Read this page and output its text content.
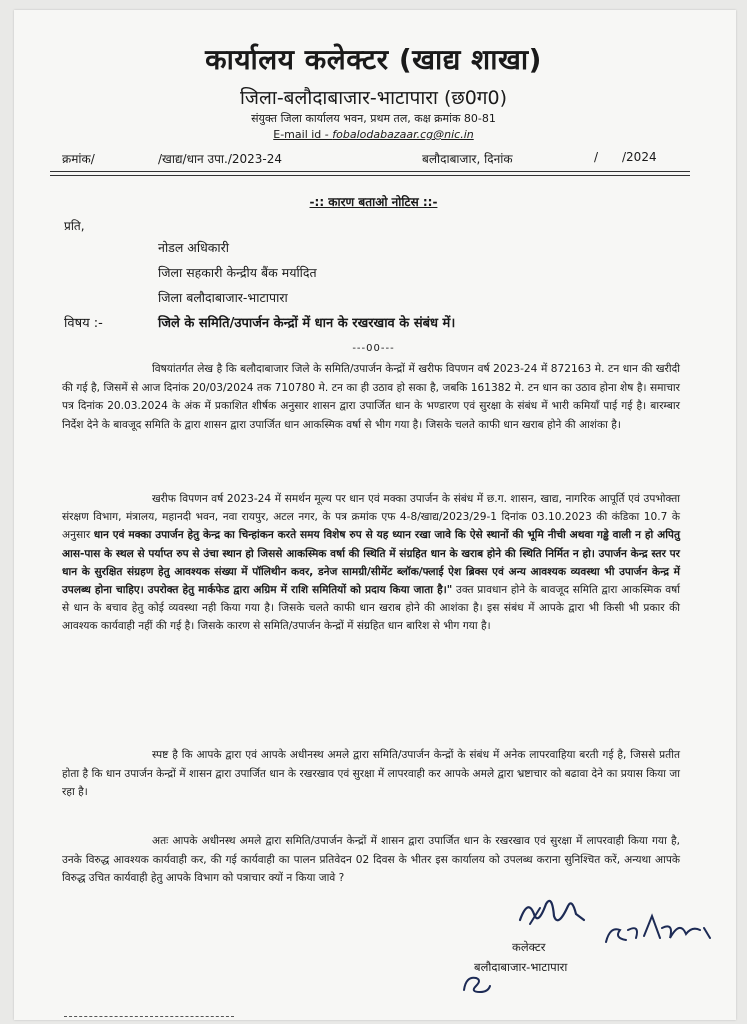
कार्यालय कलेक्टर (खाद्य शाखा)
जिला-बलौदाबाजार-भाटापारा (छ0ग0)
संयुक्त जिला कार्यालय भवन, प्रथम तल, कक्ष क्रमांक 80-81
E-mail id - fobalodabazaar.cg@nic.in
क्रमांक/	/खाद्य/धान उपा./2023-24	बलौदाबाजार, दिनांक	/ /2024
-:: कारण बताओ नोटिस ::-
प्रति,
नोडल अधिकारी
जिला सहकारी केन्द्रीय बैंक मर्यादित
जिला बलौदाबाजार-भाटापारा
विषय :-	जिले के समिति/उपार्जन केन्द्रों में धान के रखरखाव के संबंध में।
---00---

विषयांतर्गत लेख है कि बलौदाबाजार जिले के समिति/उपार्जन केन्द्रों में खरीफ विपणन वर्ष 2023-24 में 872163 मे. टन धान की खरीदी की गई है, जिसमें से आज दिनांक 20/03/2024 तक 710780 मे. टन का ही उठाव हो सका है, जबकि 161382 मे. टन धान का उठाव होना शेष है। समाचार पत्र दिनांक 20.03.2024 के अंक में प्रकाशित शीर्षक अनुसार शासन द्वारा उपार्जित धान के भण्डारण एवं सुरक्षा के संबंध में भारी कमियाँ पाई गई है। बारम्बार निर्देश देने के बावजूद समिति के द्वारा शासन द्वारा उपार्जित धान आकस्मिक वर्षा से भीग गया है। जिसके चलते काफी धान खराब होने की आशंका है।

खरीफ विपणन वर्ष 2023-24 में समर्थन मूल्य पर धान एवं मक्का उपार्जन के संबंध में छ.ग. शासन, खाद्य, नागरिक आपूर्ति एवं उपभोक्ता संरक्षण विभाग, मंत्रालय, महानदी भवन, नवा रायपुर, अटल नगर, के पत्र क्रमांक एफ 4-8/खाद्य/2023/29-1 दिनांक 03.10.2023 की कंडिका 10.7 के अनुसार धान एवं मक्का उपार्जन हेतु केन्द्र का चिन्हांकन करते समय विशेष रुप से यह ध्यान रखा जावे कि ऐसे स्थानों की भूमि नीची अथवा गड्ढे वाली न हो अपितु आस-पास के स्थल से पर्याप्त रुप से उंचा स्थान हो जिससे आकस्मिक वर्षा की स्थिति में संग्रहित धान के खराब होने की स्थिति निर्मित न हो। उपार्जन केन्द्र स्तर पर धान के सुरक्षित संग्रहण हेतु आवश्यक संख्या में पॉलिथीन कवर, डनेज सामग्री/सीमेंट ब्लॉक/फ्लाई ऐश ब्रिक्स एवं अन्य आवश्यक व्यवस्था भी उपार्जन केन्द्र में उपलब्ध होना चाहिए। उपरोक्त हेतु मार्कफेड द्वारा अग्रिम में राशि समितियों को प्रदाय किया जाता है।" उक्त प्रावधान होने के बावजूद समिति द्वारा आकस्मिक वर्षा से धान के बचाव हेतु कोई व्यवस्था नही किया गया है। जिसके चलते काफी धान खराब होने की आशंका है। इस संबंध में आपके द्वारा भी किसी भी प्रकार की आवश्यक कार्यवाही नहीं की गई है। जिसके कारण से समिति/उपार्जन केन्द्रों में संग्रहित धान बारिश से भीग गया है।

स्पष्ट है कि आपके द्वारा एवं आपके अधीनस्थ अमले द्वारा समिति/उपार्जन केन्द्रों के संबंध में अनेक लापरवाहिया बरती गई है, जिससे प्रतीत होता है कि धान उपार्जन केन्द्रों में शासन द्वारा उपार्जित धान के रखरखाव एवं सुरक्षा में लापरवाही कर आपके अमले द्वारा भ्रष्टाचार को बढावा देने का प्रयास किया जा रहा है।

अतः आपके अधीनस्थ अमले द्वारा समिति/उपार्जन केन्द्रों में शासन द्वारा उपार्जित धान के रखरखाव एवं सुरक्षा में लापरवाही किया गया है, उनके विरुद्ध आवश्यक कार्यवाही कर, की गई कार्यवाही का पालन प्रतिवेदन 02 दिवस के भीतर इस कार्यालय को उपलब्ध कराना सुनिश्चित करें, अन्यथा आपके विरुद्ध उचित कार्यवाही हेतु आपके विभाग को पत्राचार क्यों न किया जावे ?

कलेक्टर
बलौदाबाजार-भाटापारा
